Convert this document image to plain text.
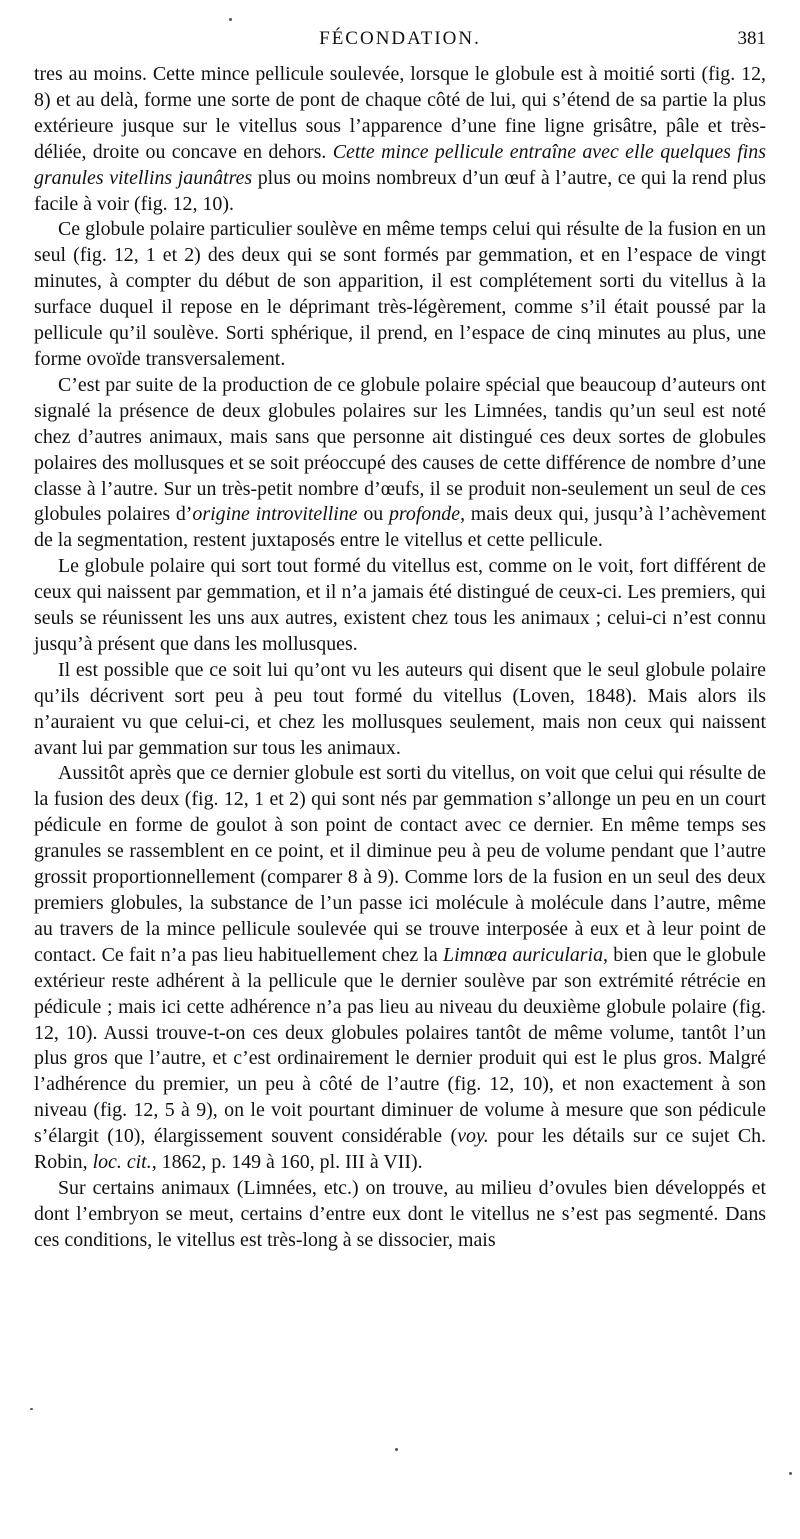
FÉCONDATION.	381

tres au moins. Cette mince pellicule soulevée, lorsque le globule est à moitié sorti (fig. 12, 8) et au delà, forme une sorte de pont de chaque côté de lui, qui s’étend de sa partie la plus extérieure jusque sur le vitellus sous l’apparence d’une fine ligne grisâtre, pâle et très-déliée, droite ou concave en dehors. Cette mince pellicule entraîne avec elle quelques fins granules vitellins jaunâtres plus ou moins nombreux d’un œuf à l’autre, ce qui la rend plus facile à voir (fig. 12, 10).

Ce globule polaire particulier soulève en même temps celui qui résulte de la fusion en un seul (fig. 12, 1 et 2) des deux qui se sont formés par gemmation, et en l’espace de vingt minutes, à compter du début de son apparition, il est complétement sorti du vitellus à la surface duquel il repose en le déprimant très-légèrement, comme s’il était poussé par la pellicule qu’il soulève. Sorti sphérique, il prend, en l’espace de cinq minutes au plus, une forme ovoïde transversalement.

C’est par suite de la production de ce globule polaire spécial que beaucoup d’auteurs ont signalé la présence de deux globules polaires sur les Limnées, tandis qu’un seul est noté chez d’autres animaux, mais sans que personne ait distingué ces deux sortes de globules polaires des mollusques et se soit préoccupé des causes de cette différence de nombre d’une classe à l’autre. Sur un très-petit nombre d’œufs, il se produit non-seulement un seul de ces globules polaires d’origine introvitelline ou profonde, mais deux qui, jusqu’à l’achèvement de la segmentation, restent juxtaposés entre le vitellus et cette pellicule.

Le globule polaire qui sort tout formé du vitellus est, comme on le voit, fort différent de ceux qui naissent par gemmation, et il n’a jamais été distingué de ceux-ci. Les premiers, qui seuls se réunissent les uns aux autres, existent chez tous les animaux ; celui-ci n’est connu jusqu’à présent que dans les mollusques.

Il est possible que ce soit lui qu’ont vu les auteurs qui disent que le seul globule polaire qu’ils décrivent sort peu à peu tout formé du vitellus (Loven, 1848). Mais alors ils n’auraient vu que celui-ci, et chez les mollusques seulement, mais non ceux qui naissent avant lui par gemmation sur tous les animaux.

Aussitôt après que ce dernier globule est sorti du vitellus, on voit que celui qui résulte de la fusion des deux (fig. 12, 1 et 2) qui sont nés par gemmation s’allonge un peu en un court pédicule en forme de goulot à son point de contact avec ce dernier. En même temps ses granules se rassemblent en ce point, et il diminue peu à peu de volume pendant que l’autre grossit proportionnellement (comparer 8 à 9). Comme lors de la fusion en un seul des deux premiers globules, la substance de l’un passe ici molécule à molécule dans l’autre, même au travers de la mince pellicule soulevée qui se trouve interposée à eux et à leur point de contact. Ce fait n’a pas lieu habituellement chez la Limnœa auricularia, bien que le globule extérieur reste adhérent à la pellicule que le dernier soulève par son extrémité rétrécie en pédicule ; mais ici cette adhérence n’a pas lieu au niveau du deuxième globule polaire (fig. 12, 10). Aussi trouve-t-on ces deux globules polaires tantôt de même volume, tantôt l’un plus gros que l’autre, et c’est ordinairement le dernier produit qui est le plus gros. Malgré l’adhérence du premier, un peu à côté de l’autre (fig. 12, 10), et non exactement à son niveau (fig. 12, 5 à 9), on le voit pourtant diminuer de volume à mesure que son pédicule s’élargit (10), élargissement souvent considérable (voy. pour les détails sur ce sujet Ch. Robin, loc. cit., 1862, p. 149 à 160, pl. III à VII).

Sur certains animaux (Limnées, etc.) on trouve, au milieu d’ovules bien développés et dont l’embryon se meut, certains d’entre eux dont le vitellus ne s’est pas segmenté. Dans ces conditions, le vitellus est très-long à se dissocier, mais
